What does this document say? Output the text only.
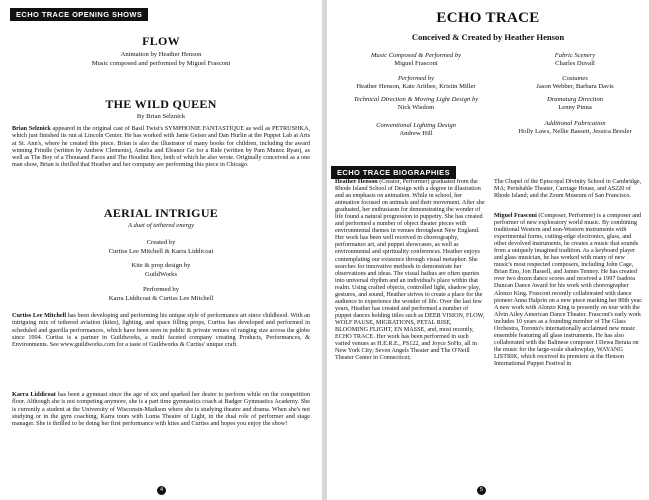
ECHO TRACE OPENING SHOWS
FLOW
Animation by Heather Henson
Music composed and performed by Miguel Frasconi
THE WILD QUEEN
By Brian Selznick
Brian Selznick appeared in the original cast of Basil Twist's SYMPHONIE FANTASTIQUE as well as PETRUSHKA, which just finished its run at Lincoln Center. He has worked with Janie Geiser and Dan Hurlin at the Puppet Lab at Arts at St. Ann's, where he created this piece. Brian is also the illustrator of many books for children, including the award winning Frindle (written by Andrew Clements), Amelia and Eleanor Go for a Ride (written by Pam Munoz Ryan), as well as The Boy of a Thousand Faces and The Houdini Box, both of which he also wrote. Originally conceived as a one man show, Brian is thrilled that Heather and her company are performing this piece in Chicago.
AERIAL INTRIGUE
A duet of tethered energy
Created by
Curtiss Lee Mitchell & Karra Liddicoat
Kite & prop design by
GuildWorks
Performed by
Karra Liddicoat & Curtiss Lee Mitchell
Curtiss Lee Mitchell has been developing and performing his unique style of performance art since childhood. With an intriguing mix of tethered aviation (kites), lighting, and space filling props, Curtiss has developed and performed in scheduled and guerilla performances, which have been seen in public & private venues of ranging size across the globe since 1994. Curtiss is a partner in Guildworks, a multi faceted company creating Products, Performances, & Environments. See www.guildworks.com for a taste of Guildworks & Curtiss' unique craft.
Karra Liddicoat has been a gymnast since the age of six and sparked her desire to perform while on the competition floor. Although she is not competing anymore, she is a part time gymnastics coach at Badger Gymnastics Academy. She is currently a student at the University of Wisconsin-Madison where she is studying theatre and drama. When she's not studying or in the gym coaching, Karra tours with Luma Theatre of Light, in the dual role of performer and stage manager. She is thrilled to be doing her first performance with kites and Curtiss and hopes you enjoy the show!
4
ECHO TRACE
Conceived & Created by Heather Henson
Music Composed & Performed by
Miguel Frasconi
Performed by
Heather Henson, Kate Aritbee, Kristin Miller
Technical Direction & Moving Light Design by
Nick Wisdom
Conventional Lighting Design
Andrew Hill
Fabric Scenery
Charles Duvall
Costumes
Jason Webber, Barbara Davis
Dramaturg Direction
Lenny Pinna
Additional Fabrication
Holly Laws, Nellie Bassett, Jessica Bresler
ECHO TRACE BIOGRAPHIES
Heather Henson (Creator, Performer) graduated from the Rhode Island School of Design with a degree in illustration and an emphasis on animation. While in school, her animation focused on animals and their movement. After she graduated, her enthusiasm for demonstrating the wonder of life found a natural progression to puppetry. She has created and performed a number of object theater pieces with environmental themes in venues throughout New England. Her work has been well received in choreography, performance art, and puppet showcases, as well as environmental and spirituality conferences. Heather enjoys contemplating our existence through visual metaphor. She searches for innovative methods to demonstrate her observations and ideas. The visual haikus are often queries into universal rhythm and an individual's place within that realm. Using crafted objects, controlled light, shadow play, gestures, and sound, Heather strives to create a place for the audience to experience the wonder of life. Over the last few years, Heather has created and performed a number of puppet dances holding titles such as DEER VISION, FLOW, WOLF PAUSE, MIGRATIONS, PETAL RISE, BLOOMING FLIGHT, EN MASSE, and, most recently, ECHO TRACE. Her work has been performed in such varied venues as H.E.R.E., PS122, and Joyce SoHo, all in New York City; Seven Angels Theater and The O'Neill Theater Center in Connecticut;
The Chapel of the Episcopal Divinity School in Cambridge, MA; Perishable Theater, Carriage House, and AS220 of Rhode Island; and the Zeum Museum of San Francisco.
Miguel Frasconi (Composer, Performer) is a composer and performer of new exploratory world music. By combining traditional Western and non-Western instruments with experimental forms, cutting-edge electronics, glass, and other devolved instruments, he creates a music that sounds from a uniquely imagined tradition. As a keyboard player and glass musician, he has worked with many of new music's most respected composers, including John Cage, Brian Eno, Jon Hassell, and James Tenney. He has created over two dozen dance scores and received a 1997 Isadora Duncan Dance Award for his work with choreographer Alonzo King. Frasconi recently collaborated with dance pioneer Anna Halprin on a new piece marking her 80th year. A new work with Alonzo King is presently on tour with the Alvin Ailey American Dance Theater. Frasconi's early work includes 10 years as a founding member of The Glass Orchestra, Toronto's internationally acclaimed new music ensemble featuring all glass instruments. He has also collaborated with the Balinese composer I Dewa Berata on the music for the large-scale shadowplay, WAYANG LISTRIK, which received its premiere at the Henson International Puppet Festival in
5
